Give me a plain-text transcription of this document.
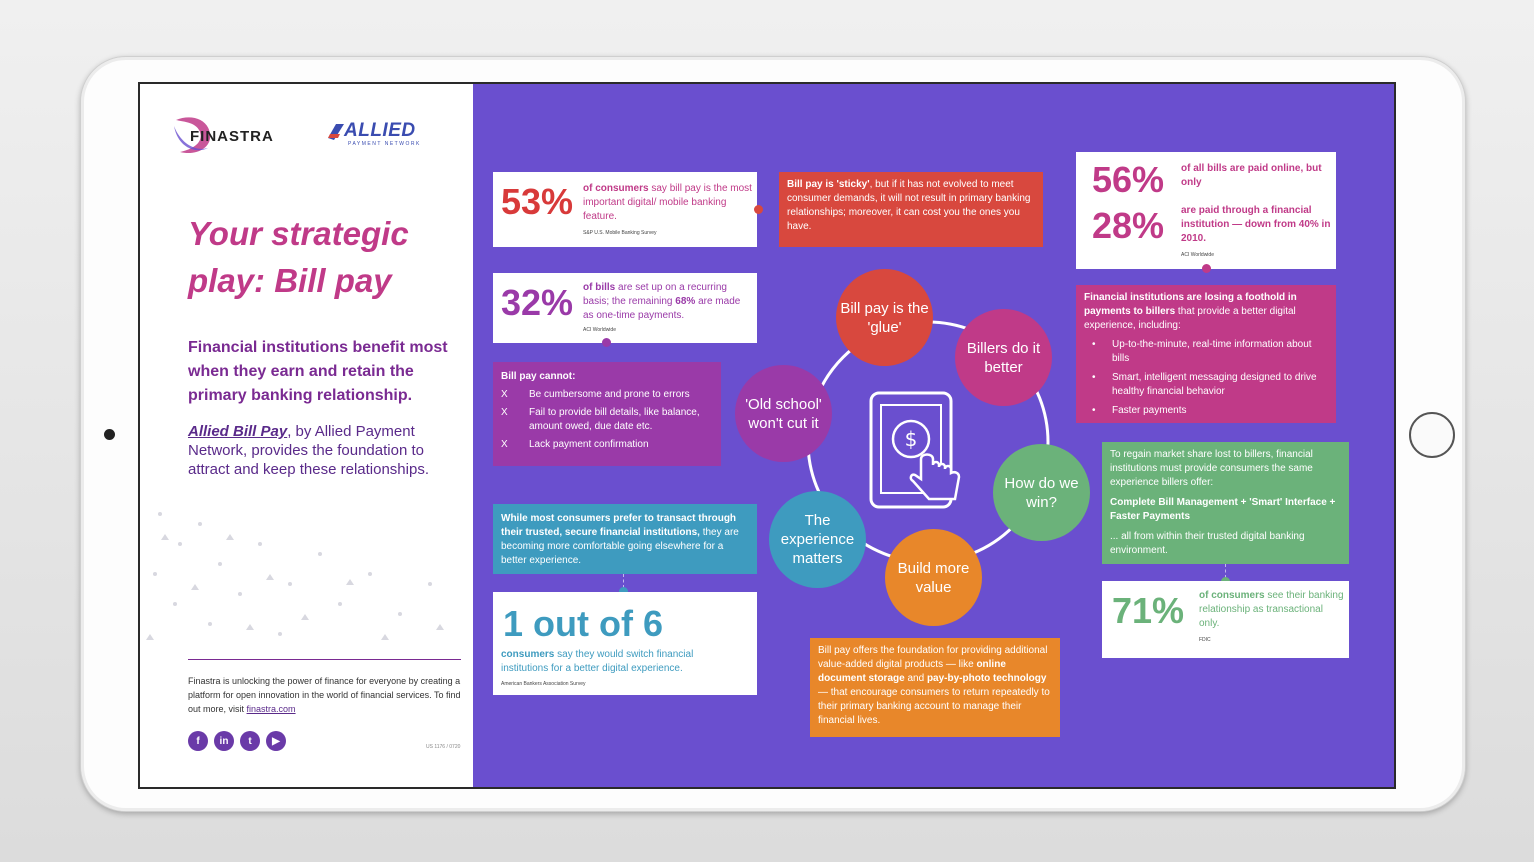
FINASTRA	ALLIED
PAYMENT NETWORK
Your strategic play: Bill pay
Financial institutions benefit most when they earn and retain the primary banking relationship.
Allied Bill Pay, by Allied Payment Network, provides the foundation to attract and keep these relationships.
Finastra is unlocking the power of finance for everyone by creating a platform for open innovation in the world of financial services. To find out more, visit finastra.com
f	in	t	▶
US 1176 / 0720
53% of consumers say bill pay is the most important digital/ mobile banking feature.
S&P U.S. Mobile Banking Survey
Bill pay is 'sticky', but if it has not evolved to meet consumer demands, it will not result in primary banking relationships; moreover, it can cost you the ones you have.
32% of bills are set up on a recurring basis; the remaining 68% are made as one-time payments.
ACI Worldwide
Bill pay cannot:
X	Be cumbersome and prone to errors
X	Fail to provide bill details, like balance, amount owed, due date etc.
X	Lack payment confirmation
While most consumers prefer to transact through their trusted, secure financial institutions, they are becoming more comfortable going elsewhere for a better experience.
1 out of 6
consumers say they would switch financial institutions for a better digital experience.
American Bankers Association Survey
56% of all bills are paid online, but only
28% are paid through a financial institution — down from 40% in 2010.
ACI Worldwide
Financial institutions are losing a foothold in payments to billers that provide a better digital experience, including:
• Up-to-the-minute, real-time information about bills
• Smart, intelligent messaging designed to drive healthy financial behavior
• Faster payments
To regain market share lost to billers, financial institutions must provide consumers the same experience billers offer:
Complete Bill Management + 'Smart' Interface + Faster Payments
... all from within their trusted digital banking environment.
71% of consumers see their banking relationship as transactional only.
FDIC
Bill pay offers the foundation for providing additional value-added digital products — like online document storage and pay-by-photo technology — that encourage consumers to return repeatedly to their primary banking account to manage their financial lives.
$
Bill pay is the 'glue'
Billers do it better
How do we win?
Build more value
The experience matters
'Old school' won't cut it
